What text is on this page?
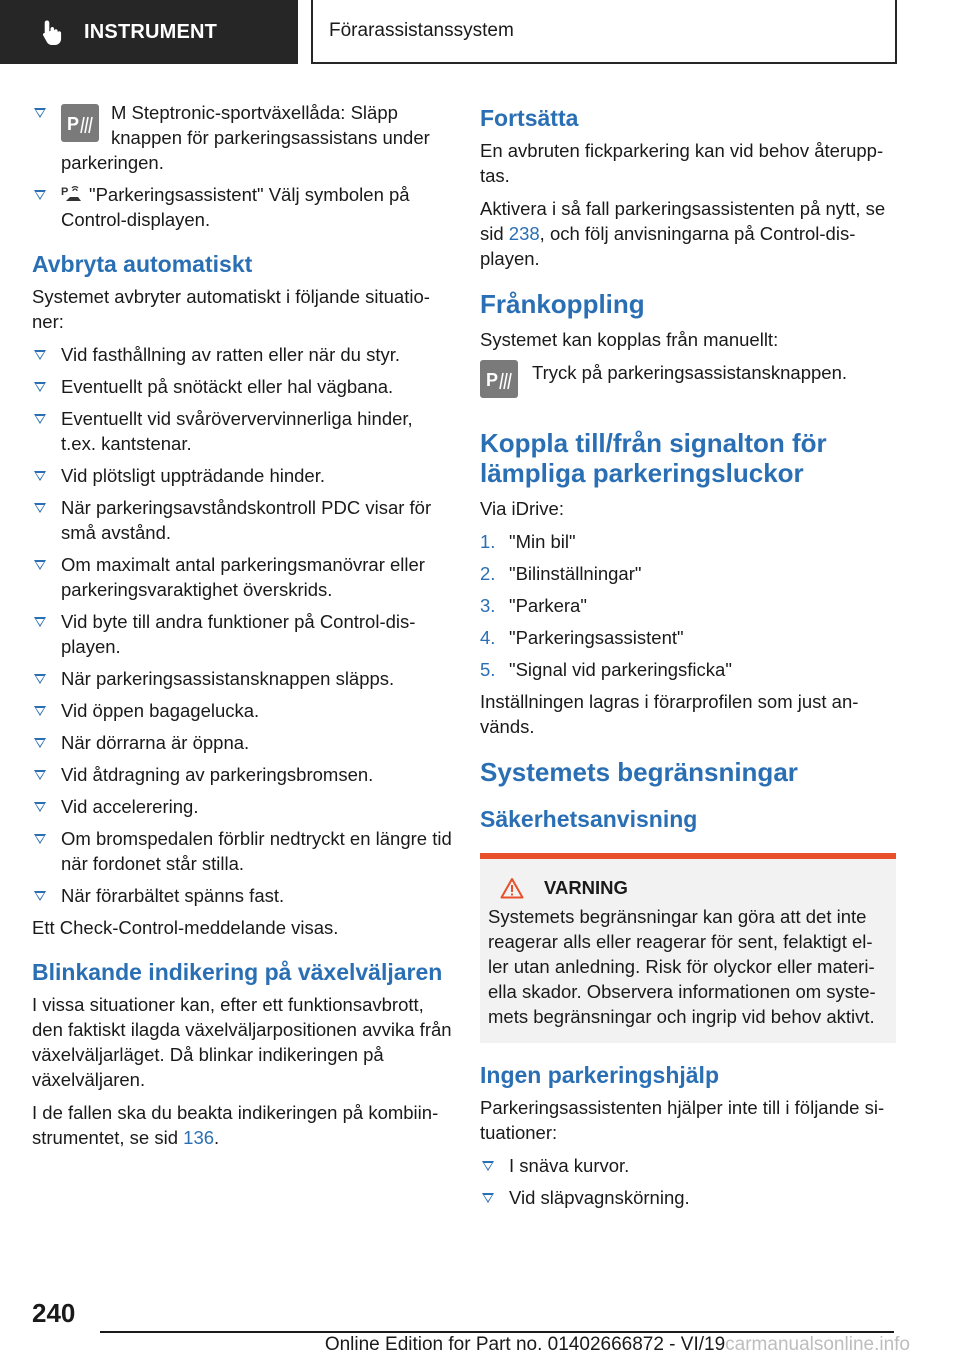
INSTRUMENT	Förarassistanssystem
P
M Steptronic-sportväxellåda: Släpp knappen för parkeringsassistans under parkeringen.
P "Parkeringsassistent" Välj symbolen på Control-displayen.
Avbryta automatiskt

Systemet avbryter automatiskt i följande situatio-ner:

Vid fasthållning av ratten eller när du styr.
Eventuellt på snötäckt eller hal vägbana.
Eventuellt vid svåröververvinnerliga hinder, t.ex. kantstenar.
Vid plötsligt uppträdande hinder.
När parkeringsavståndskontroll PDC visar för små avstånd.
Om maximalt antal parkeringsmanövrar eller parkeringsvaraktighet överskrids.
Vid byte till andra funktioner på Control-dis-playen.
När parkeringsassistansknappen släpps.
Vid öppen bagagelucka.
När dörrarna är öppna.
Vid åtdragning av parkeringsbromsen.
Vid accelerering.
Om bromspedalen förblir nedtryckt en längre tid när fordonet står stilla.
När förarbältet spänns fast.

Ett Check-Control-meddelande visas.

Blinkande indikering på växelväljaren

I vissa situationer kan, efter ett funktionsavbrott, den faktiskt ilagda växelväljarpositionen avvika från växelväljarläget. Då blinkar indikeringen på växelväljaren.

I de fallen ska du beakta indikeringen på kombiin-strumentet, se sid 136.

Fortsätta

En avbruten fickparkering kan vid behov återupp-tas.

Aktivera i så fall parkeringsassistenten på nytt, se sid 238, och följ anvisningarna på Control-dis-playen.

Frånkoppling

Systemet kan kopplas från manuellt:

P Tryck på parkeringsassistansknappen.
Koppla till/från signalton för lämpliga parkeringsluckor

Via iDrive:

1. "Min bil"
2. "Bilinställningar"
3. "Parkera"
4. "Parkeringsassistent"
5. "Signal vid parkeringsficka"

Inställningen lagras i förarprofilen som just an-vänds.

Systemets begränsningar
Säkerhetsanvisning
VARNING
Systemets begränsningar kan göra att det inte reagerar alls eller reagerar för sent, felaktigt el-ler utan anledning. Risk för olyckor eller materi-ella skador. Observera informationen om syste-mets begränsningar och ingrip vid behov aktivt.
Ingen parkeringshjälp

Parkeringsassistenten hjälper inte till i följande si-tuationer:

I snäva kurvor.
Vid släpvagnskörning.
240
Online Edition for Part no. 01402666872 - VI/19carmanualsonline.info
